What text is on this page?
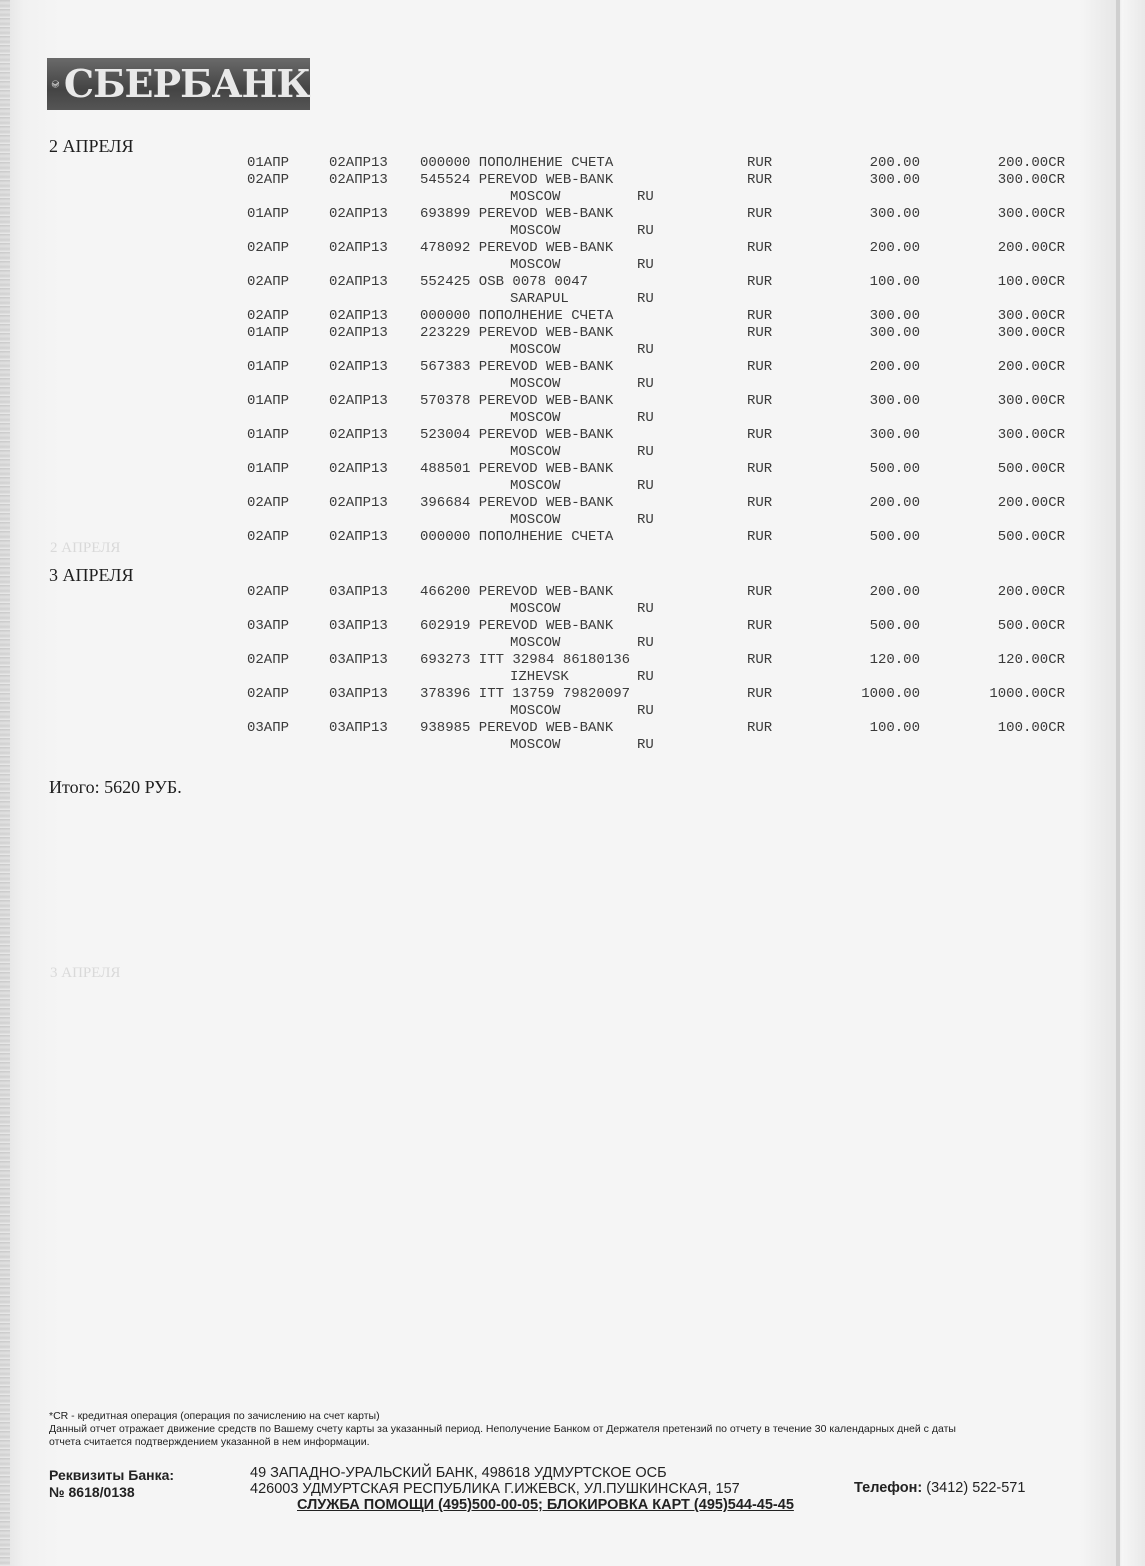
2 АПРЕЛЯ
3 АПРЕЛЯ
СБЕРБАНК
2 АПРЕЛЯ
3 АПРЕЛЯ
01АПР	02АПР13 000000 ПОПОЛНЕНИЕ СЧЕТА	RUR	200.00	200.00CR
02АПР	02АПР13 545524 PEREVOD WEB-BANK	RUR	300.00	300.00CR
MOSCOW	RU
01АПР	02АПР13 693899 PEREVOD WEB-BANK	RUR	300.00	300.00CR
MOSCOW	RU
02АПР	02АПР13 478092 PEREVOD WEB-BANK	RUR	200.00	200.00CR
MOSCOW	RU
02АПР	02АПР13 552425 OSB 0078 0047	RUR	100.00	100.00CR
SARAPUL	RU
02АПР	02АПР13 000000 ПОПОЛНЕНИЕ СЧЕТА	RUR	300.00	300.00CR
01АПР	02АПР13 223229 PEREVOD WEB-BANK	RUR	300.00	300.00CR
MOSCOW	RU
01АПР	02АПР13 567383 PEREVOD WEB-BANK	RUR	200.00	200.00CR
MOSCOW	RU
01АПР	02АПР13 570378 PEREVOD WEB-BANK	RUR	300.00	300.00CR
MOSCOW	RU
01АПР	02АПР13 523004 PEREVOD WEB-BANK	RUR	300.00	300.00CR
MOSCOW	RU
01АПР	02АПР13 488501 PEREVOD WEB-BANK	RUR	500.00	500.00CR
MOSCOW	RU
02АПР	02АПР13 396684 PEREVOD WEB-BANK	RUR	200.00	200.00CR
MOSCOW	RU
02АПР	02АПР13 000000 ПОПОЛНЕНИЕ СЧЕТА	RUR	500.00	500.00CR
02АПР	03АПР13 466200 PEREVOD WEB-BANK	RUR	200.00	200.00CR
MOSCOW	RU
03АПР	03АПР13 602919 PEREVOD WEB-BANK	RUR	500.00	500.00CR
MOSCOW	RU
02АПР	03АПР13 693273 ITT 32984 86180136	RUR	120.00	120.00CR
IZHEVSK	RU
02АПР	03АПР13 378396 ITT 13759 79820097	RUR	1000.00	1000.00CR
MOSCOW	RU
03АПР	03АПР13 938985 PEREVOD WEB-BANK	RUR	100.00	100.00CR
MOSCOW	RU
Итого: 5620 РУБ.
*CR - кредитная операция (операция по зачислению на счет карты)
Данный отчет отражает движение средств по Вашему счету карты за указанный период. Неполучение Банком от Держателя претензий по отчету в течение 30 календарных дней с даты
отчета считается подтверждением указанной в нем информации.
Реквизиты Банка:
№ 8618/0138
49 ЗАПАДНО-УРАЛЬСКИЙ БАНК, 498618 УДМУРТСКОЕ ОСБ
426003 УДМУРТСКАЯ РЕСПУБЛИКА Г.ИЖЕВСК, УЛ.ПУШКИНСКАЯ, 157	Телефон: (3412) 522-571
СЛУЖБА ПОМОЩИ (495)500-00-05; БЛОКИРОВКА КАРТ (495)544-45-45
